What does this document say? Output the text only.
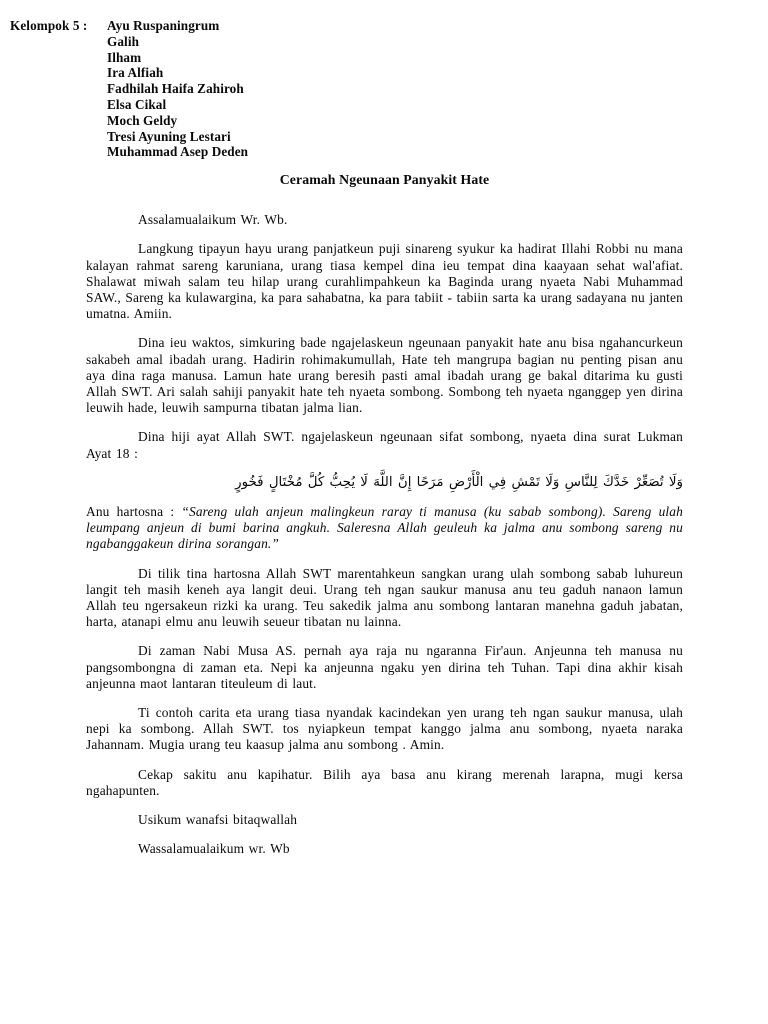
Kelompok 5 :	Ayu Ruspaningrum
Galih
Ilham
Ira Alfiah
Fadhilah Haifa Zahiroh
Elsa Cikal
Moch Geldy
Tresi Ayuning Lestari
Muhammad Asep Deden
Ceramah Ngeunaan Panyakit Hate

Assalamualaikum Wr. Wb.

Langkung tipayun hayu urang panjatkeun puji sinareng syukur ka hadirat Illahi Robbi nu mana kalayan rahmat sareng karuniana, urang tiasa kempel dina ieu tempat dina kaayaan sehat wal'afiat. Shalawat miwah salam teu hilap urang curahlimpahkeun ka Baginda urang nyaeta Nabi Muhammad SAW., Sareng ka kulawargina, ka para sahabatna, ka para tabiit - tabiin sarta ka urang sadayana nu janten umatna. Amiin.

Dina ieu waktos, simkuring bade ngajelaskeun ngeunaan panyakit hate anu bisa ngahancurkeun sakabeh amal ibadah urang. Hadirin rohimakumullah, Hate teh mangrupa bagian nu penting pisan anu aya dina raga manusa. Lamun hate urang beresih pasti amal ibadah urang ge bakal ditarima ku gusti Allah SWT. Ari salah sahiji panyakit hate teh nyaeta sombong. Sombong teh nyaeta nganggep yen dirina leuwih hade, leuwih sampurna tibatan jalma lian.

Dina hiji ayat Allah SWT. ngajelaskeun ngeunaan sifat sombong, nyaeta dina surat Lukman Ayat 18 :

وَلَا تُصَعِّرْ خَدَّكَ لِلنَّاسِ وَلَا تَمْشِ فِي الْأَرْضِ مَرَحًا إِنَّ اللَّهَ لَا يُحِبُّ كُلَّ مُخْتَالٍ فَخُورٍ

Anu hartosna : “Sareng ulah anjeun malingkeun raray ti manusa (ku sabab sombong). Sareng ulah leumpang anjeun di bumi barina angkuh. Saleresna Allah geuleuh ka jalma anu sombong sareng nu ngabanggakeun dirina sorangan.”

Di tilik tina hartosna Allah SWT marentahkeun sangkan urang ulah sombong sabab luhureun langit teh masih keneh aya langit deui. Urang teh ngan saukur manusa anu teu gaduh nanaon lamun Allah teu ngersakeun rizki ka urang. Teu sakedik jalma anu sombong lantaran manehna gaduh jabatan, harta, atanapi elmu anu leuwih seueur tibatan nu lainna.

Di zaman Nabi Musa AS. pernah aya raja nu ngaranna Fir'aun. Anjeunna teh manusa nu pangsombongna di zaman eta. Nepi ka anjeunna ngaku yen dirina teh Tuhan. Tapi dina akhir kisah anjeunna maot lantaran titeuleum di laut.

Ti contoh carita eta urang tiasa nyandak kacindekan yen urang teh ngan saukur manusa, ulah nepi ka sombong. Allah SWT. tos nyiapkeun tempat kanggo jalma anu sombong, nyaeta naraka Jahannam. Mugia urang teu kaasup jalma anu sombong . Amin.

Cekap sakitu anu kapihatur. Bilih aya basa anu kirang merenah larapna, mugi kersa ngahapunten.

Usikum wanafsi bitaqwallah

Wassalamualaikum wr. Wb
